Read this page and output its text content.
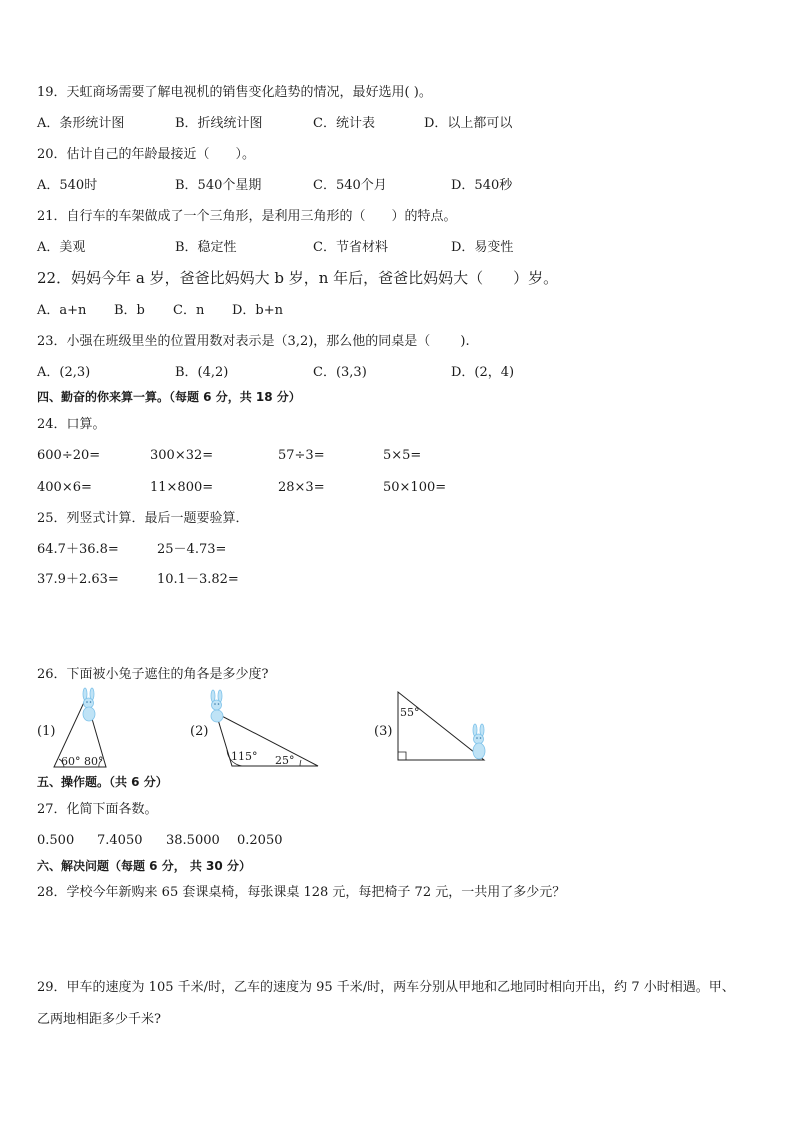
19．天虹商场需要了解电视机的销售变化趋势的情况，最好选用( )。
A．条形统计图	B．折线统计图	C．统计表	D．以上都可以
20．估计自己的年龄最接近（　　）。
A．540时	B．540个星期	C．540个月	D．540秒
21．自行车的车架做成了一个三角形，是利用三角形的（　　）的特点。
A．美观	B．稳定性	C．节省材料	D．易变性
22．妈妈今年 a 岁，爸爸比妈妈大 b 岁，n 年后，爸爸比妈妈大（　　）岁。
A．a+n B．b C．n D．b+n
23．小强在班级里坐的位置用数对表示是（3,2)，那么他的同桌是（　　 ).
A．(2,3)	B．(4,2)	C．(3,3)	D．(2，4)
四、勤奋的你来算一算。（每题 6 分，共 18 分）
24．口算。
600÷20=	300×32=	57÷3=	5×5=
400×6=	11×800=	28×3=	50×100=
25．列竖式计算．最后一题要验算．
64.7＋36.8=	25－4.73=
37.9＋2.63=	10.1－3.82=
26．下面被小兔子遮住的角各是多少度?
(1)
60° 80°
(2)
115° 25°
(3)
55°
五、操作题。（共 6 分）
27．化简下面各数。
0.500 7.4050 38.5000 0.2050
六、解决问题（每题 6 分， 共 30 分）
28．学校今年新购来 65 套课桌椅，每张课桌 128 元，每把椅子 72 元，一共用了多少元？
29．甲车的速度为 105 千米/时，乙车的速度为 95 千米/时，两车分别从甲地和乙地同时相向开出，约 7 小时相遇。甲、
乙两地相距多少千米?
